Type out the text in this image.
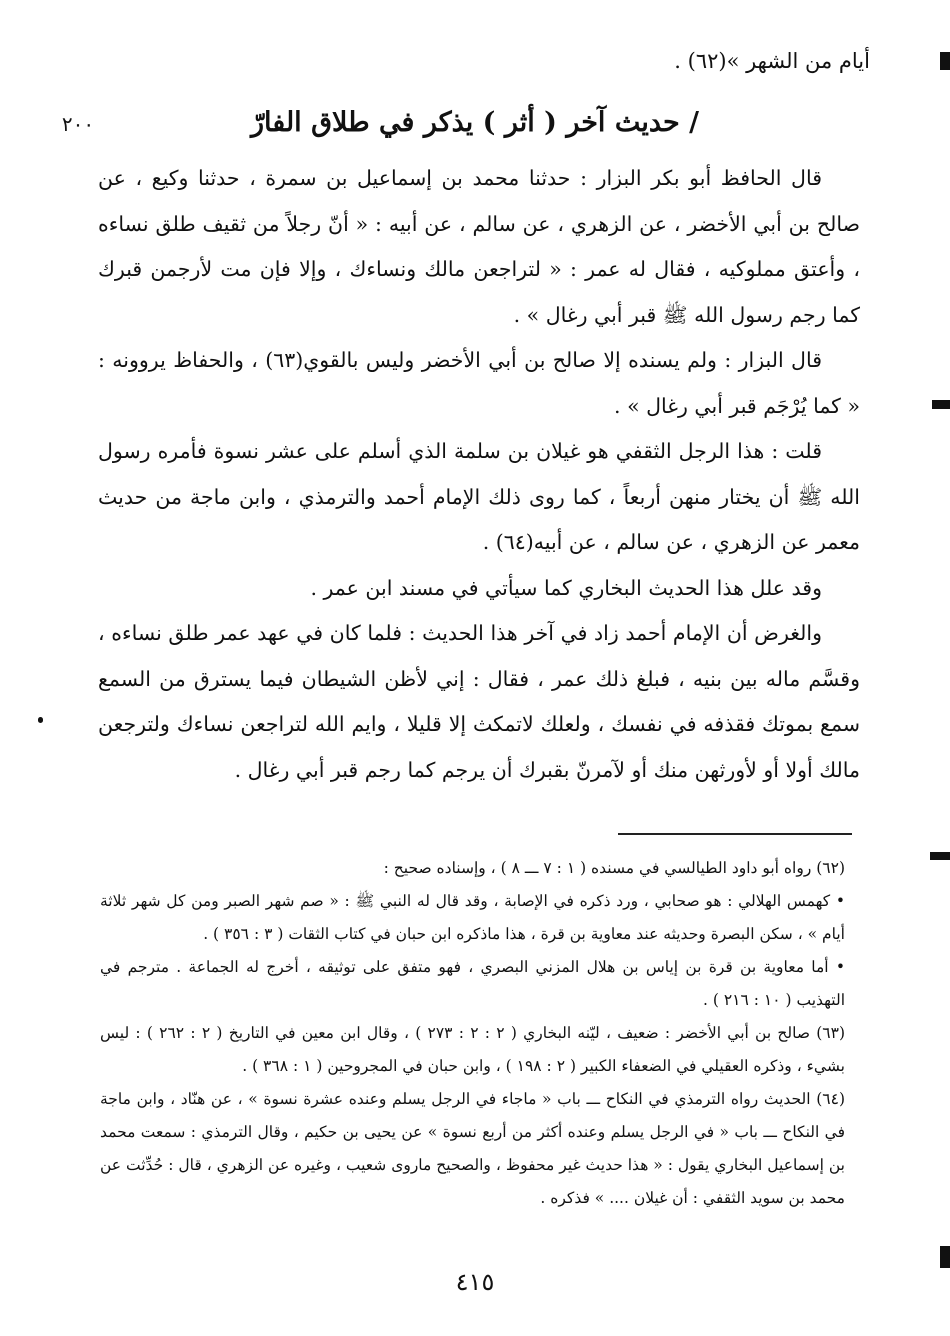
أيام من الشهر »(٦٢) .
٢٠٠	/ حديث آخر ( أثر ) يذكر في طلاق الفارّ

قال الحافظ أبو بكر البزار : حدثنا محمد بن إسماعيل بن سمرة ، حدثنا وكيع ، عن صالح بن أبي الأخضر ، عن الزهري ، عن سالم ، عن أبيه : « أنّ رجلاً من ثقيف طلق نساءه ، وأعتق مملوكيه ، فقال له عمر : « لتراجعن مالك ونساءك ، وإلا فإن مت لأرجمن قبرك كما رجم رسول الله ﷺ قبر أبي رغال » .

قال البزار : ولم يسنده إلا صالح بن أبي الأخضر وليس بالقوي(٦٣) ، والحفاظ يروونه : « كما يُرْجَم قبر أبي رغال » .

قلت : هذا الرجل الثقفي هو غيلان بن سلمة الذي أسلم على عشر نسوة فأمره رسول الله ﷺ أن يختار منهن أربعاً ، كما روى ذلك الإمام أحمد والترمذي ، وابن ماجة من حديث معمر عن الزهري ، عن سالم ، عن أبيه(٦٤) .

وقد علل هذا الحديث البخاري كما سيأتي في مسند ابن عمر .

والغرض أن الإمام أحمد زاد في آخر هذا الحديث : فلما كان في عهد عمر طلق نساءه ، وقسَّم ماله بين بنيه ، فبلغ ذلك عمر ، فقال : إني لأظن الشيطان فيما يسترق من السمع سمع بموتك فقذفه في نفسك ، ولعلك لاتمكث إلا قليلا ، وايم الله لتراجعن نساءك ولترجعن مالك أولا أو لأورثهن منك أو لآمرنّ بقبرك أن يرجم كما رجم قبر أبي رغال .

(٦٢) رواه أبو داود الطيالسي في مسنده ( ١ : ٧ ـــ ٨ ) ، وإسناده صحيح :

• كهمس الهلالي : هو صحابي ، ورد ذكره في الإصابة ، وقد قال له النبي ﷺ : « صم شهر الصبر ومن كل شهر ثلاثة أيام » ، سكن البصرة وحديثه عند معاوية بن قرة ، هذا ماذكره ابن حبان في كتاب الثقات ( ٣ : ٣٥٦ ) .

• أما معاوية بن قرة بن إياس بن هلال المزني البصري ، فهو متفق على توثيقه ، أخرج له الجماعة . مترجم في التهذيب ( ١٠ : ٢١٦ ) .

(٦٣) صالح بن أبي الأخضر : ضعيف ، ليّنه البخاري ( ٢ : ٢ : ٢٧٣ ) ، وقال ابن معين في التاريخ ( ٢ : ٢٦٢ ) : ليس بشيء ، وذكره العقيلي في الضعفاء الكبير ( ٢ : ١٩٨ ) ، وابن حبان في المجروحين ( ١ : ٣٦٨ ) .

(٦٤) الحديث رواه الترمذي في النكاح ـــ باب « ماجاء في الرجل يسلم وعنده عشرة نسوة » ، عن هنّاد ، وابن ماجة في النكاح ـــ باب « في الرجل يسلم وعنده أكثر من أربع نسوة » عن يحيى بن حكيم ، وقال الترمذي : سمعت محمد بن إسماعيل البخاري يقول : « هذا حديث غير محفوظ ، والصحيح ماروى شعيب ، وغيره عن الزهري ، قال : حُدِّثت عن محمد بن سويد الثقفي : أن غيلان .... » فذكره .

٤١٥
